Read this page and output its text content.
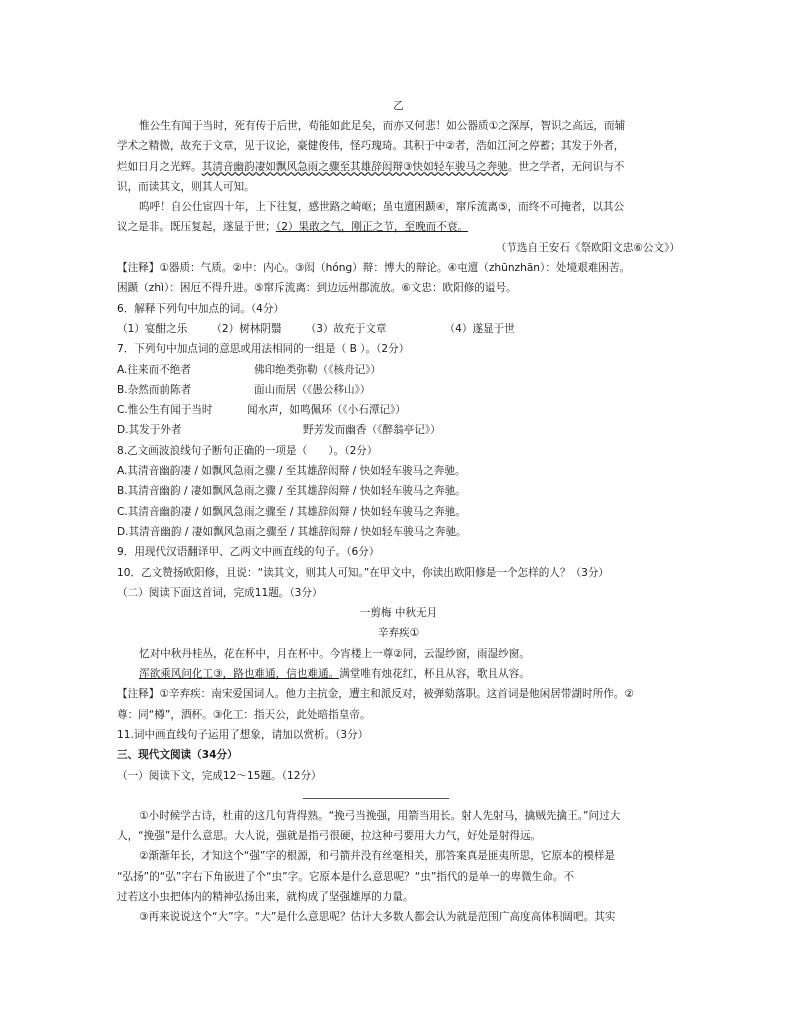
乙
惟公生有闻于当时，死有传于后世，苟能如此足矣，而亦又何悲！如公器质①之深厚，智识之高远，而辅
学术之精微，故充于文章，见于议论，豪健俊伟，怪巧瑰琦。其积于中②者，浩如江河之停蓄；其发于外者，
烂如日月之光辉。其清音幽韵凄如飘风急雨之骤至其雄辞闳辩③快如轻车骏马之奔驰。世之学者，无问识与不
识，而读其文，则其人可知。
呜呼！自公仕宦四十年，上下往复，感世路之崎岖；虽屯邅困踬④，窜斥流离⑤，而终不可掩者，以其公
议之是非。既压复起，遂显于世；（2）果敢之气，刚正之节，至晚而不衰。
（节选自王安石《祭欧阳文忠⑥公文》）
【注释】①器质：气质。②中：内心。③闳（hóng）辩：博大的辩论。④屯邅（zhūnzhān）：处境艰难困苦。
困踬（zhì）：困厄不得升进。⑤窜斥流离：到边远州郡流放。⑥文忠：欧阳修的谥号。
6．解释下列句中加点的词。（4分）
（1）宴酣之乐 （2）树林阴翳 （3）故充于文章	（4）遂显于世
7．下列句中加点词的意思或用法相同的一组是（ B ）。（2分）
A.往来而不绝者	佛印绝类弥勒（《核舟记》）
B.杂然而前陈者	面山而居（《愚公移山》）
C.惟公生有闻于当时	闻水声，如鸣佩环（《小石潭记》）
D.其发于外者	野芳发而幽香（《醉翁亭记》）
8.乙文画波浪线句子断句正确的一项是（　　）。（2分）
A.其清音幽韵凄 / 如飘风急雨之骤 / 至其雄辞闳辩 / 快如轻车骏马之奔驰。
B.其清音幽韵 / 凄如飘风急雨之骤 / 至其雄辞闳辩 / 快如轻车骏马之奔驰。
C.其清音幽韵凄 / 如飘风急雨之骤至 / 其雄辞闳辩 / 快如轻车骏马之奔驰。
D.其清音幽韵 / 凄如飘风急雨之骤至 / 其雄辞闳辩 / 快如轻车骏马之奔驰。
9．用现代汉语翻译甲、乙两文中画直线的句子。（6分）
10．乙文赞扬欧阳修，且说：“读其文，则其人可知。”在甲文中，你读出欧阳修是一个怎样的人？（3分）
（二）阅读下面这首词，完成11题。（3分）
一剪梅 中秋无月
辛弃疾①
忆对中秋丹桂丛，花在杯中，月在杯中。今宵楼上一尊②同，云湿纱窗，雨湿纱窗。
浑欲乘风问化工③，路也难通，信也难通。满堂唯有烛花红，杯且从容，歌且从容。
【注释】①辛弃疾：南宋爱国词人。他力主抗金，遭主和派反对，被弹劾落职。这首词是他闲居带湖时所作。②
尊：同“樽”，酒杯。③化工：指天公，此处暗指皇帝。
11.词中画直线句子运用了想象，请加以赏析。（3分）
三、现代文阅读（34分）
（一）阅读下文，完成12～15题。（12分）
①小时候学古诗，杜甫的这几句背得熟。“挽弓当挽强，用箭当用长。射人先射马，擒贼先擒王。”问过大
人，“挽强”是什么意思。大人说，强就是指弓很硬，拉这种弓要用大力气，好处是射得远。
②渐渐年长，才知这个“强”字的根源，和弓箭并没有丝毫相关，那答案真是匪夷所思，它原本的模样是
“弘扬”的“弘”字右下角嵌进了个“虫”字。它原本是什么意思呢？“虫”指代的是单一的卑微生命。不
过若这小虫把体内的精神弘扬出来，就构成了坚强雄厚的力量。
③再来说说这个“大”字。“大”是什么意思呢？估计大多数人都会认为就是范围广高度高体积阔吧。其实
